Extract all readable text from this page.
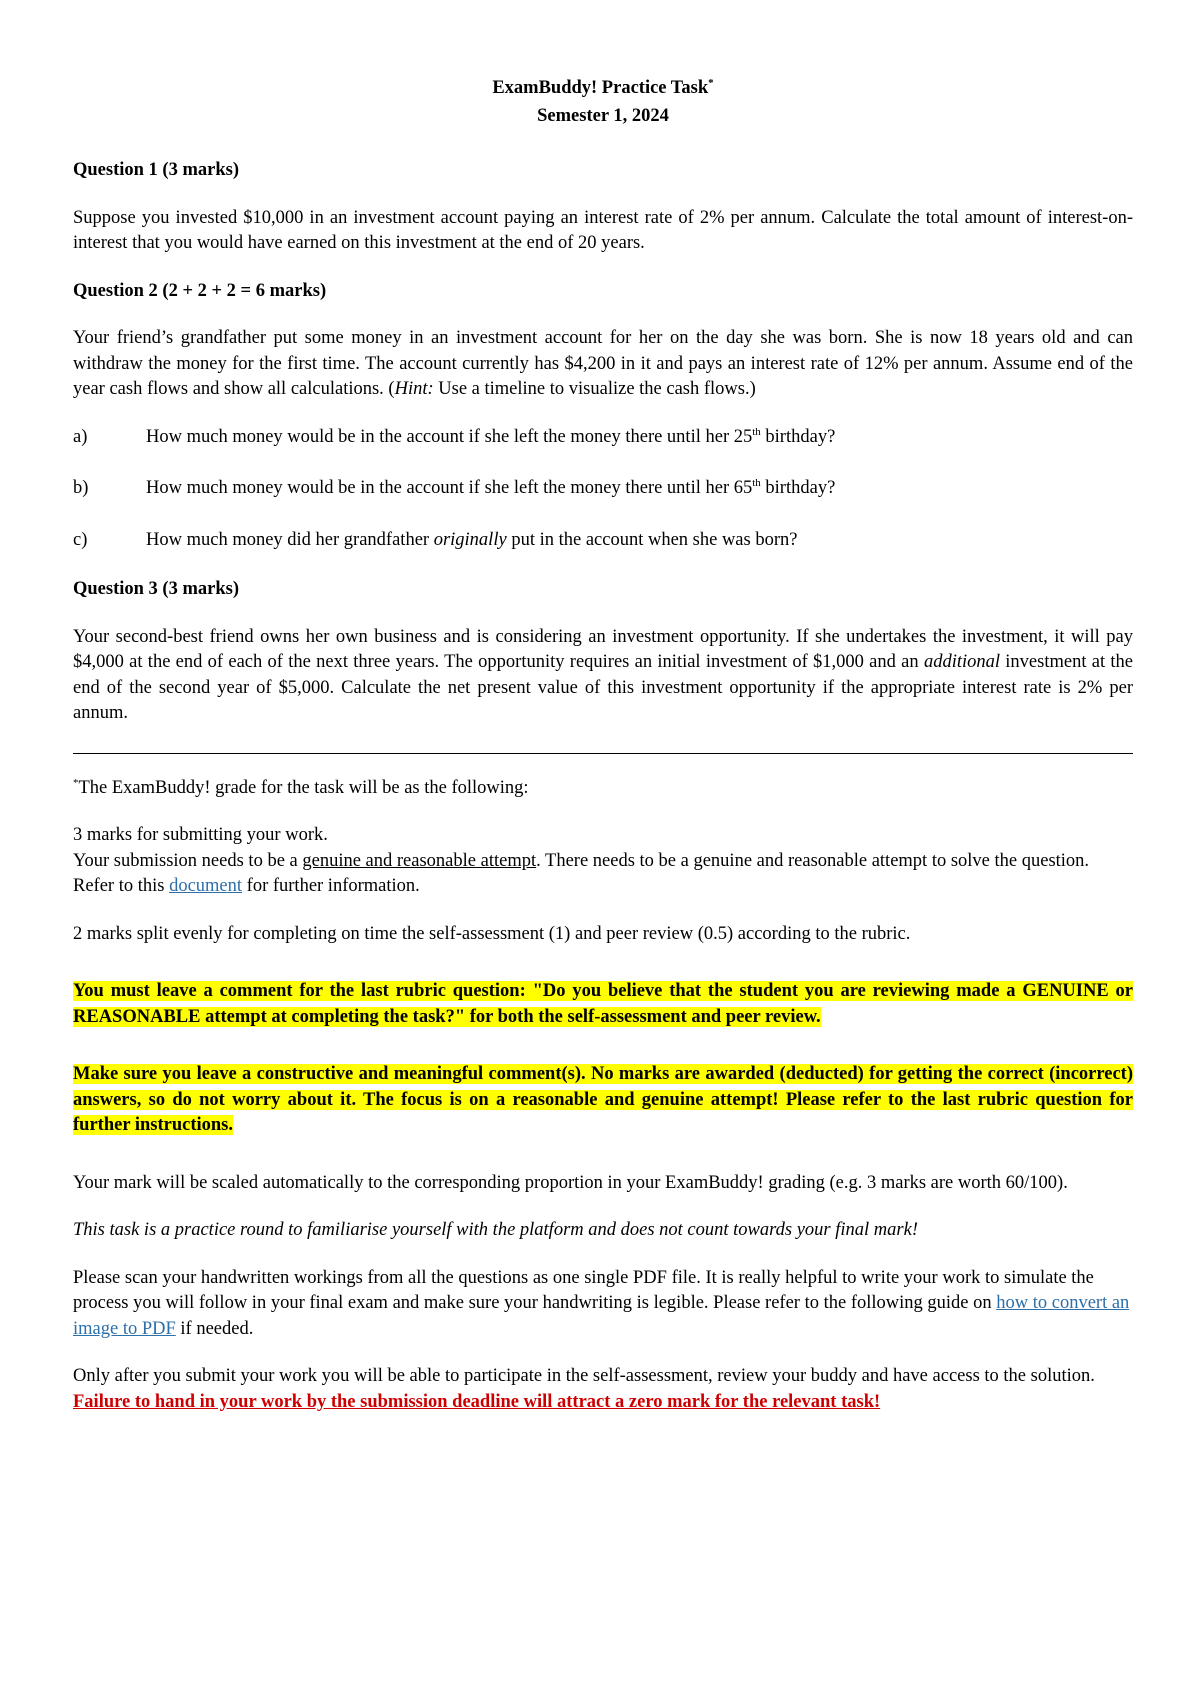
ExamBuddy! Practice Task*
Semester 1, 2024

Question 1 (3 marks)

Suppose you invested $10,000 in an investment account paying an interest rate of 2% per annum. Calculate the total amount of interest-on-interest that you would have earned on this investment at the end of 20 years.

Question 2 (2 + 2 + 2 = 6 marks)

Your friend’s grandfather put some money in an investment account for her on the day she was born. She is now 18 years old and can withdraw the money for the first time. The account currently has $4,200 in it and pays an interest rate of 12% per annum. Assume end of the year cash flows and show all calculations. (Hint: Use a timeline to visualize the cash flows.)

a)	How much money would be in the account if she left the money there until her 25th birthday?
b)	How much money would be in the account if she left the money there until her 65th birthday?
c)	How much money did her grandfather originally put in the account when she was born?

Question 3 (3 marks)

Your second-best friend owns her own business and is considering an investment opportunity. If she undertakes the investment, it will pay $4,000 at the end of each of the next three years. The opportunity requires an initial investment of $1,000 and an additional investment at the end of the second year of $5,000. Calculate the net present value of this investment opportunity if the appropriate interest rate is 2% per annum.

*The ExamBuddy! grade for the task will be as the following:

3 marks for submitting your work.

Your submission needs to be a genuine and reasonable attempt. There needs to be a genuine and reasonable attempt to solve the question. Refer to this document for further information.

2 marks split evenly for completing on time the self-assessment (1) and peer review (0.5) according to the rubric.

You must leave a comment for the last rubric question: "Do you believe that the student you are reviewing made a GENUINE or REASONABLE attempt at completing the task?" for both the self-assessment and peer review.

Make sure you leave a constructive and meaningful comment(s). No marks are awarded (deducted) for getting the correct (incorrect) answers, so do not worry about it. The focus is on a reasonable and genuine attempt! Please refer to the last rubric question for further instructions.

Your mark will be scaled automatically to the corresponding proportion in your ExamBuddy! grading (e.g. 3 marks are worth 60/100).

This task is a practice round to familiarise yourself with the platform and does not count towards your final mark!

Please scan your handwritten workings from all the questions as one single PDF file. It is really helpful to write your work to simulate the process you will follow in your final exam and make sure your handwriting is legible. Please refer to the following guide on how to convert an image to PDF if needed.

Only after you submit your work you will be able to participate in the self-assessment, review your buddy and have access to the solution. Failure to hand in your work by the submission deadline will attract a zero mark for the relevant task!
